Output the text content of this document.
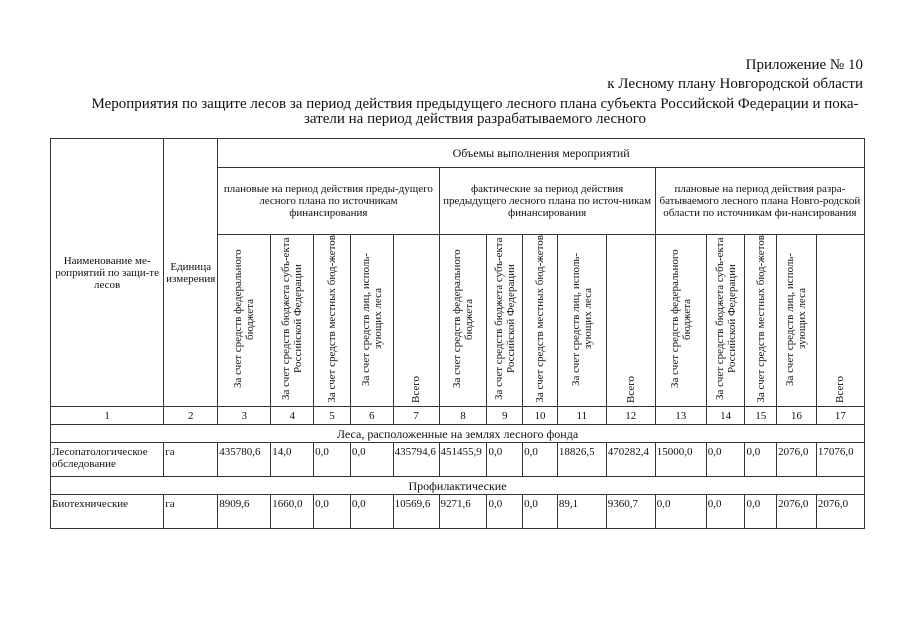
Приложение № 10
к Лесному плану Новгородской области
Мероприятия по защите лесов за период действия предыдущего лесного плана субъекта Российской Федерации и пока-затели на период действия разрабатываемого лесного
Наименование ме-роприятий по защи-те лесов	Единица измерения	Объемы выполнения мероприятий														
		плановые на период действия преды-дущего лесного плана по источникам финансирования					фактические за период действия предыдущего лесного плана по источ-никам финансирования					плановые на период действия разра-батываемого лесного плана Новго-родской области по источникам фи-нансирования				
		За счет средств федерального бюджета	За счет средств бюджета субъ-екта Российской Федерации	За счет средств местных бюд-жетов	За счет средств лиц, исполь-зующих леса	Всего	За счет средств федерального бюджета	За счет средств бюджета субъ-екта Российской Федерации	За счет средств местных бюд-жетов	За счет средств лиц, исполь-зующих леса	Всего	За счет средств федерального бюджета	За счет средств бюджета субъ-екта Российской Федерации	За счет средств местных бюд-жетов	За счет средств лиц, исполь-зующих леса	Всего
1	2	3	4	5	6	7	8	9	10	11	12	13	14	15	16	17
Леса, расположенные на землях лесного фонда																
Лесопатологическое обследование	га	435780,6	14,0	0,0	0,0	435794,6	451455,9	0,0	0,0	18826,5	470282,4	15000,0	0,0	0,0	2076,0	17076,0
Профилактические																
Биотехнические	га	8909,6	1660,0	0,0	0,0	10569,6	9271,6	0,0	0,0	89,1	9360,7	0,0	0,0	0,0	2076,0	2076,0
